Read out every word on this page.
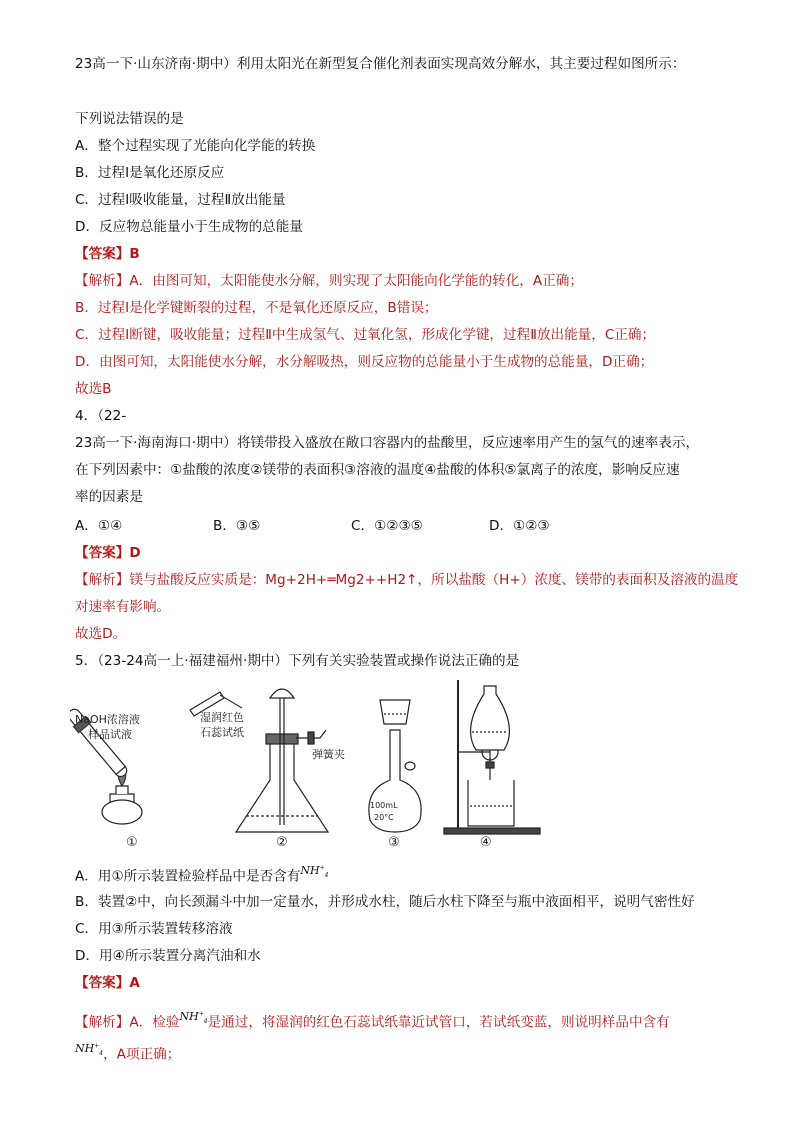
23高一下·山东济南·期中）利用太阳光在新型复合催化剂表面实现高效分解水，其主要过程如图所示：
下列说法错误的是
A．整个过程实现了光能向化学能的转换
B．过程Ⅰ是氧化还原反应
C．过程Ⅰ吸收能量，过程Ⅱ放出能量
D．反应物总能量小于生成物的总能量
【答案】B
【解析】A．由图可知，太阳能使水分解，则实现了太阳能向化学能的转化，A正确；
B．过程Ⅰ是化学键断裂的过程，不是氧化还原反应，B错误；
C．过程Ⅰ断键，吸收能量；过程Ⅱ中生成氢气、过氧化氢，形成化学键，过程Ⅱ放出能量，C正确；
D．由图可知，太阳能使水分解，水分解吸热，则反应物的总能量小于生成物的总能量，D正确；
故选B
4．（22-
23高一下·海南海口·期中）将镁带投入盛放在敞口容器内的盐酸里，反应速率用产生的氢气的速率表示，
在下列因素中：①盐酸的浓度②镁带的表面积③溶液的温度④盐酸的体积⑤氯离子的浓度，影响反应速
率的因素是
A．①④	B．③⑤	C．①②③⑤	D．①②③
【答案】D
【解析】镁与盐酸反应实质是：Mg+2H+═Mg2++H2↑，所以盐酸（H+）浓度、镁带的表面积及溶液的温度
对速率有影响。
故选D。
5．（23-24高一上·福建福州·期中）下列有关实验装置或操作说法正确的是
NaOH浓溶液
样品试液
湿润红色
石蕊试纸
①
弹簧夹
②
100mL
20°C
③	④
A．用①所示装置检验样品中是否含有$^{NH^+_4}$
B．装置②中，向长颈漏斗中加一定量水，并形成水柱，随后水柱下降至与瓶中液面相平，说明气密性好
C．用③所示装置转移溶液
D．用④所示装置分离汽油和水
【答案】A
【解析】A．检验$^{NH^+_4}$是通过，将湿润的红色石蕊试纸靠近试管口，若试纸变蓝，则说明样品中含有
$^{NH^+_4}$，A项正确；
